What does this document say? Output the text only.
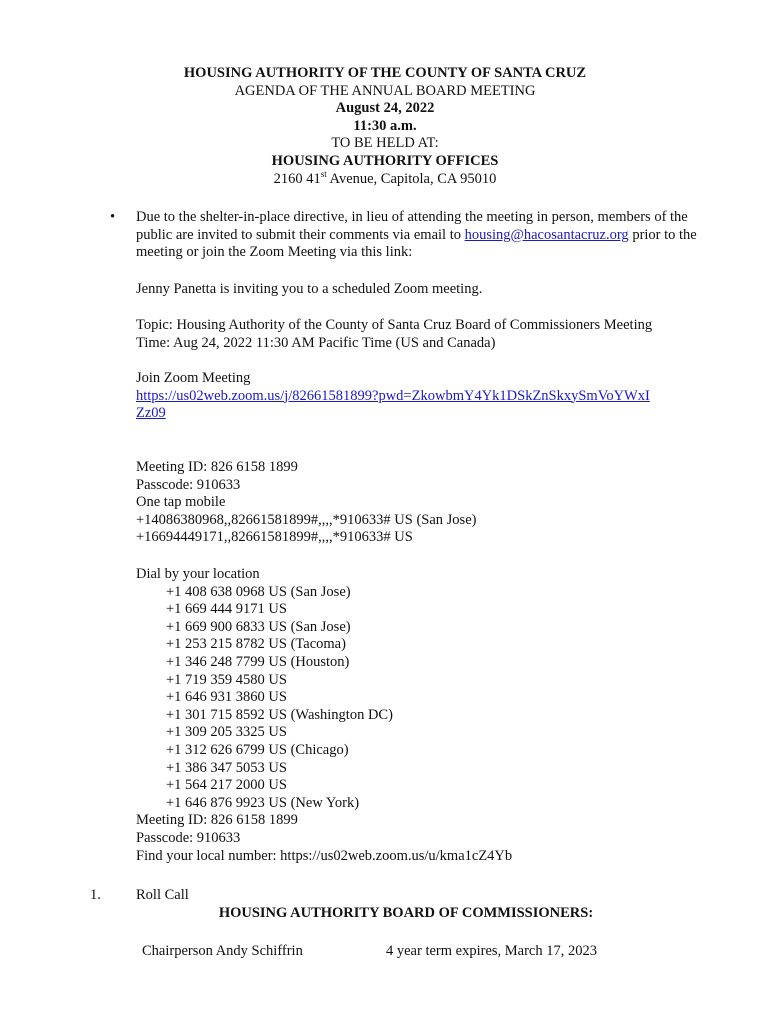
HOUSING AUTHORITY OF THE COUNTY OF SANTA CRUZ
AGENDA OF THE ANNUAL BOARD MEETING
August 24, 2022
11:30 a.m.
TO BE HELD AT:
HOUSING AUTHORITY OFFICES
2160 41st Avenue, Capitola, CA 95010
• Due to the shelter-in-place directive, in lieu of attending the meeting in person, members of the public are invited to submit their comments via email to housing@hacosantacruz.org prior to the meeting or join the Zoom Meeting via this link:
Jenny Panetta is inviting you to a scheduled Zoom meeting.
Topic: Housing Authority of the County of Santa Cruz Board of Commissioners Meeting
Time: Aug 24, 2022 11:30 AM Pacific Time (US and Canada)
Join Zoom Meeting
https://us02web.zoom.us/j/82661581899?pwd=ZkowbmY4Yk1DSkZnSkxySmVoYWxI
Zz09
Meeting ID: 826 6158 1899
Passcode: 910633
One tap mobile
+14086380968,,82661581899#,,,,*910633# US (San Jose)
+16694449171,,82661581899#,,,,*910633# US
Dial by your location
+1 408 638 0968 US (San Jose)
+1 669 444 9171 US
+1 669 900 6833 US (San Jose)
+1 253 215 8782 US (Tacoma)
+1 346 248 7799 US (Houston)
+1 719 359 4580 US
+1 646 931 3860 US
+1 301 715 8592 US (Washington DC)
+1 309 205 3325 US
+1 312 626 6799 US (Chicago)
+1 386 347 5053 US
+1 564 217 2000 US
+1 646 876 9923 US (New York)
Meeting ID: 826 6158 1899
Passcode: 910633
Find your local number: https://us02web.zoom.us/u/kma1cZ4Yb
1. Roll Call
HOUSING AUTHORITY BOARD OF COMMISSIONERS:
Chairperson Andy Schiffrin	4 year term expires, March 17, 2023
